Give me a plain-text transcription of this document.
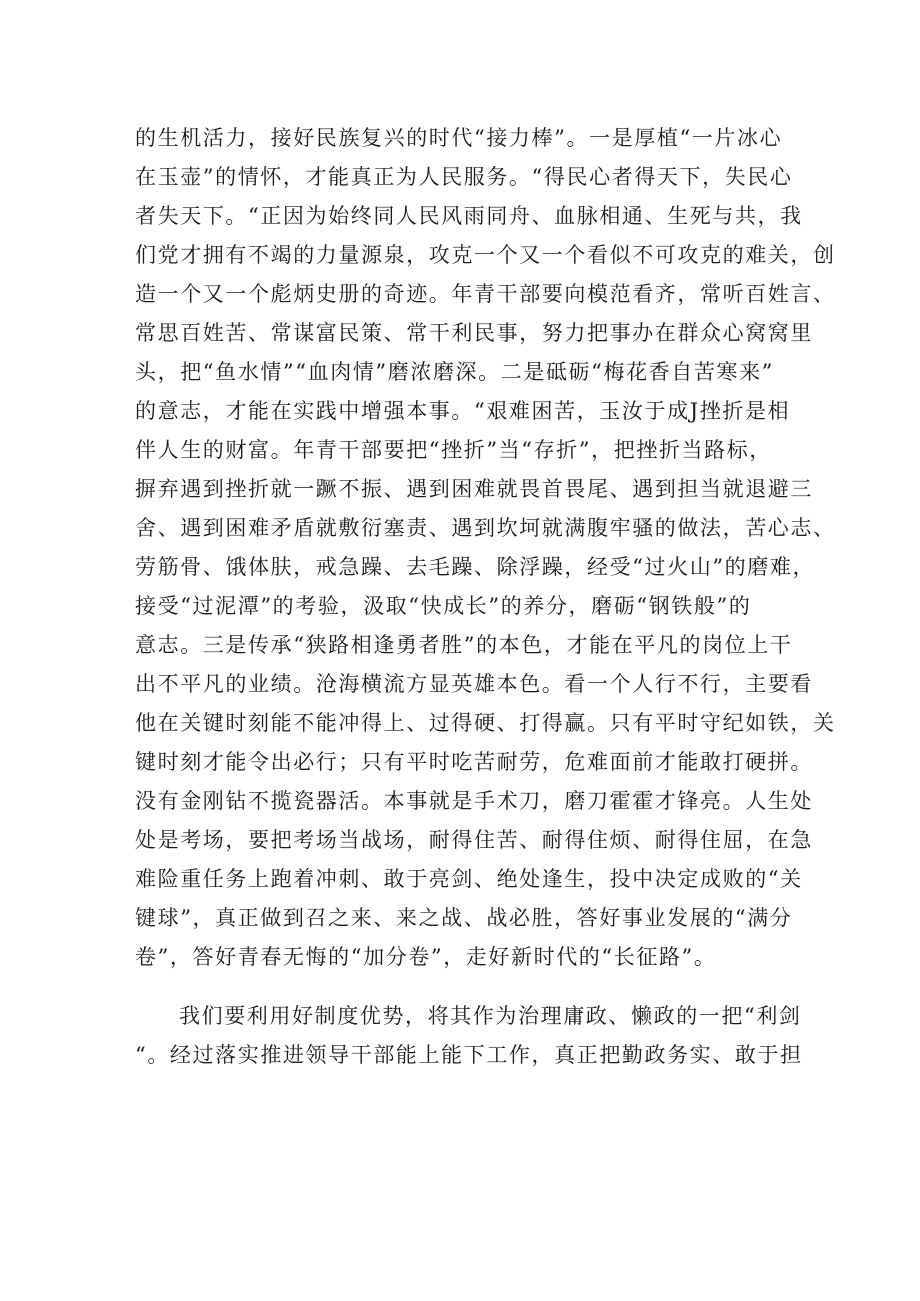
的生机活力，接好民族复兴的时代“接力棒”。一是厚植“一片冰心
在玉壶”的情怀，才能真正为人民服务。“得民心者得天下，失民心
者失天下。“正因为始终同人民风雨同舟、血脉相通、生死与共，我
们党才拥有不竭的力量源泉，攻克一个又一个看似不可攻克的难关，创
造一个又一个彪炳史册的奇迹。年青干部要向模范看齐，常听百姓言、
常思百姓苦、常谋富民策、常干利民事，努力把事办在群众心窝窝里
头，把“鱼水情”“血肉情”磨浓磨深。二是砥砺“梅花香自苦寒来”
的意志，才能在实践中增强本事。“艰难困苦，玉汝于成J挫折是相
伴人生的财富。年青干部要把“挫折”当“存折”，把挫折当路标，
摒弃遇到挫折就一蹶不振、遇到困难就畏首畏尾、遇到担当就退避三
舍、遇到困难矛盾就敷衍塞责、遇到坎坷就满腹牢骚的做法，苦心志、
劳筋骨、饿体肤，戒急躁、去毛躁、除浮躁，经受“过火山”的磨难，
接受“过泥潭”的考验，汲取“快成长”的养分，磨砺“钢铁般”的
意志。三是传承“狭路相逢勇者胜”的本色，才能在平凡的岗位上干
出不平凡的业绩。沧海横流方显英雄本色。看一个人行不行，主要看
他在关键时刻能不能冲得上、过得硬、打得赢。只有平时守纪如铁，关
键时刻才能令出必行；只有平时吃苦耐劳，危难面前才能敢打硬拼。
没有金刚钻不揽瓷器活。本事就是手术刀，磨刀霍霍才锋亮。人生处
处是考场，要把考场当战场，耐得住苦、耐得住烦、耐得住屈，在急
难险重任务上跑着冲刺、敢于亮剑、绝处逢生，投中决定成败的“关
键球”，真正做到召之来、来之战、战必胜，答好事业发展的“满分
卷”，答好青春无悔的“加分卷”，走好新时代的“长征路”。
我们要利用好制度优势，将其作为治理庸政、懒政的一把“利剑
“。经过落实推进领导干部能上能下工作，真正把勤政务实、敢于担
